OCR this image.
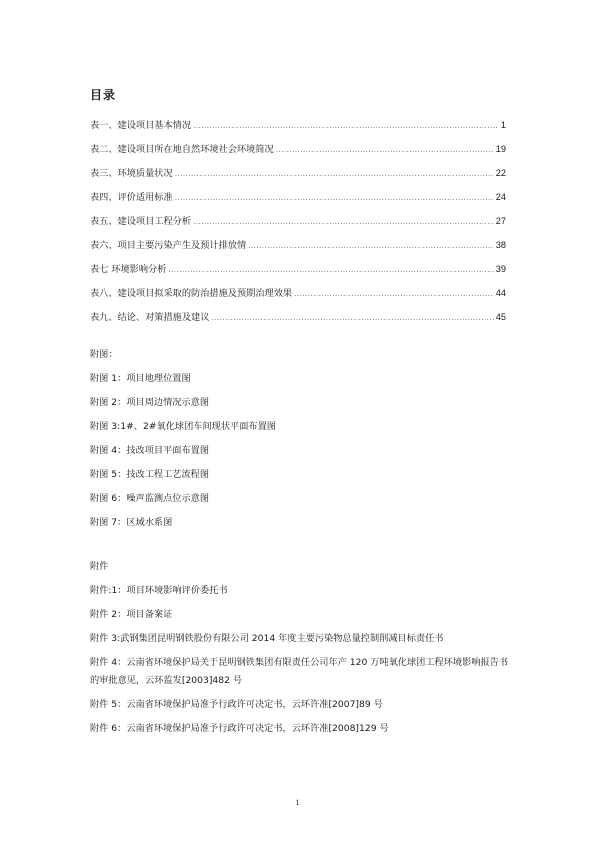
目录
表一、建设项目基本情况 .....	1
表二、建设项目所在地自然环境社会环境简况 .....	19
表三、环境质量状况 .....	22
表四、评价适用标准 .....	24
表五、建设项目工程分析 .....	27
表六、项目主要污染产生及预计排放情 .....	38
表七 环境影响分析 .....	39
表八、建设项目拟采取的防治措施及预期治理效果 .....	44
表九、结论、对策措施及建议 .....	45
附图：
附图 1：项目地理位置图
附图 2：项目周边情况示意图
附图 3:1#、2#氧化球团车间现状平面布置图
附图 4：技改项目平面布置图
附图 5：技改工程工艺流程图
附图 6：噪声监测点位示意图
附图 7：区域水系图
附件
附件:1：项目环境影响评价委托书
附件 2：项目备案证
附件 3:武钢集团昆明钢铁股份有限公司 2014 年度主要污染物总量控制削减目标责任书
附件 4：云南省环境保护局关于昆明钢铁集团有限责任公司年产 120 万吨氧化球团工程环境影响报告书的审批意见，云环监发[2003]482 号
附件 5：云南省环境保护局准予行政许可决定书，云环许准[2007]89 号
附件 6：云南省环境保护局准予行政许可决定书，云环许准[2008]129 号
1
